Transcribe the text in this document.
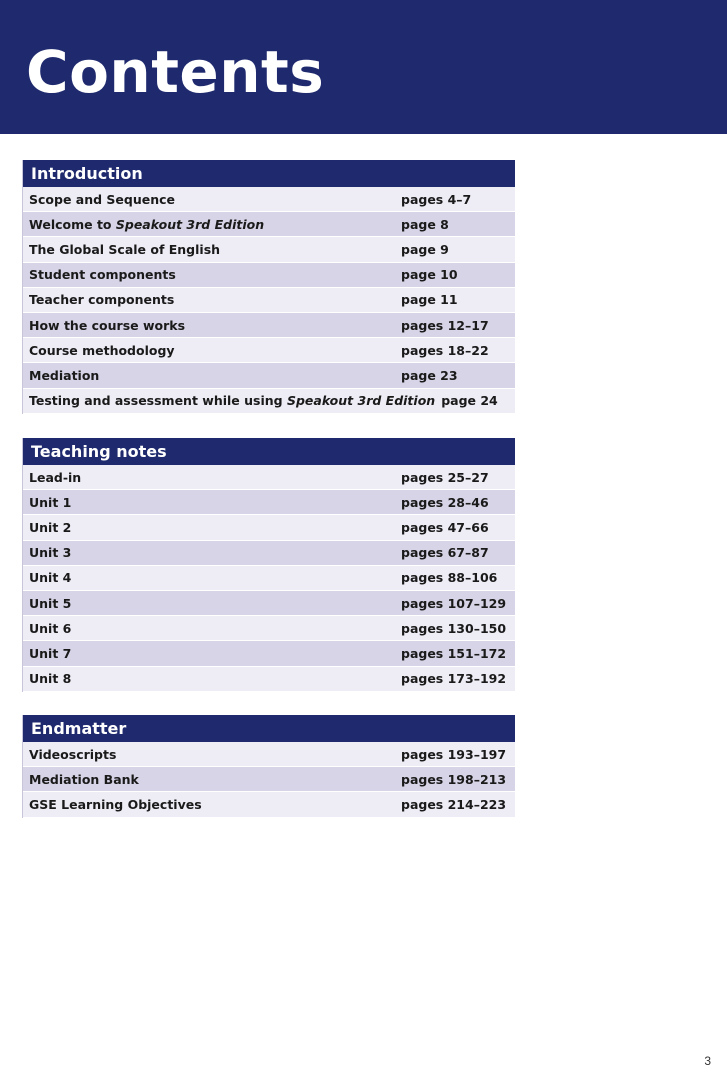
Contents
Introduction
Scope and Sequence	pages 4–7
Welcome to Speakout 3rd Edition	page 8
The Global Scale of English	page 9
Student components	page 10
Teacher components	page 11
How the course works	pages 12–17
Course methodology	pages 18–22
Mediation	page 23
Testing and assessment while using Speakout 3rd Edition page 24
Teaching notes
Lead-in	pages 25–27
Unit 1	pages 28–46
Unit 2	pages 47–66
Unit 3	pages 67–87
Unit 4	pages 88–106
Unit 5	pages 107–129
Unit 6	pages 130–150
Unit 7	pages 151–172
Unit 8	pages 173–192
Endmatter
Videoscripts	pages 193–197
Mediation Bank	pages 198–213
GSE Learning Objectives	pages 214–223
3
